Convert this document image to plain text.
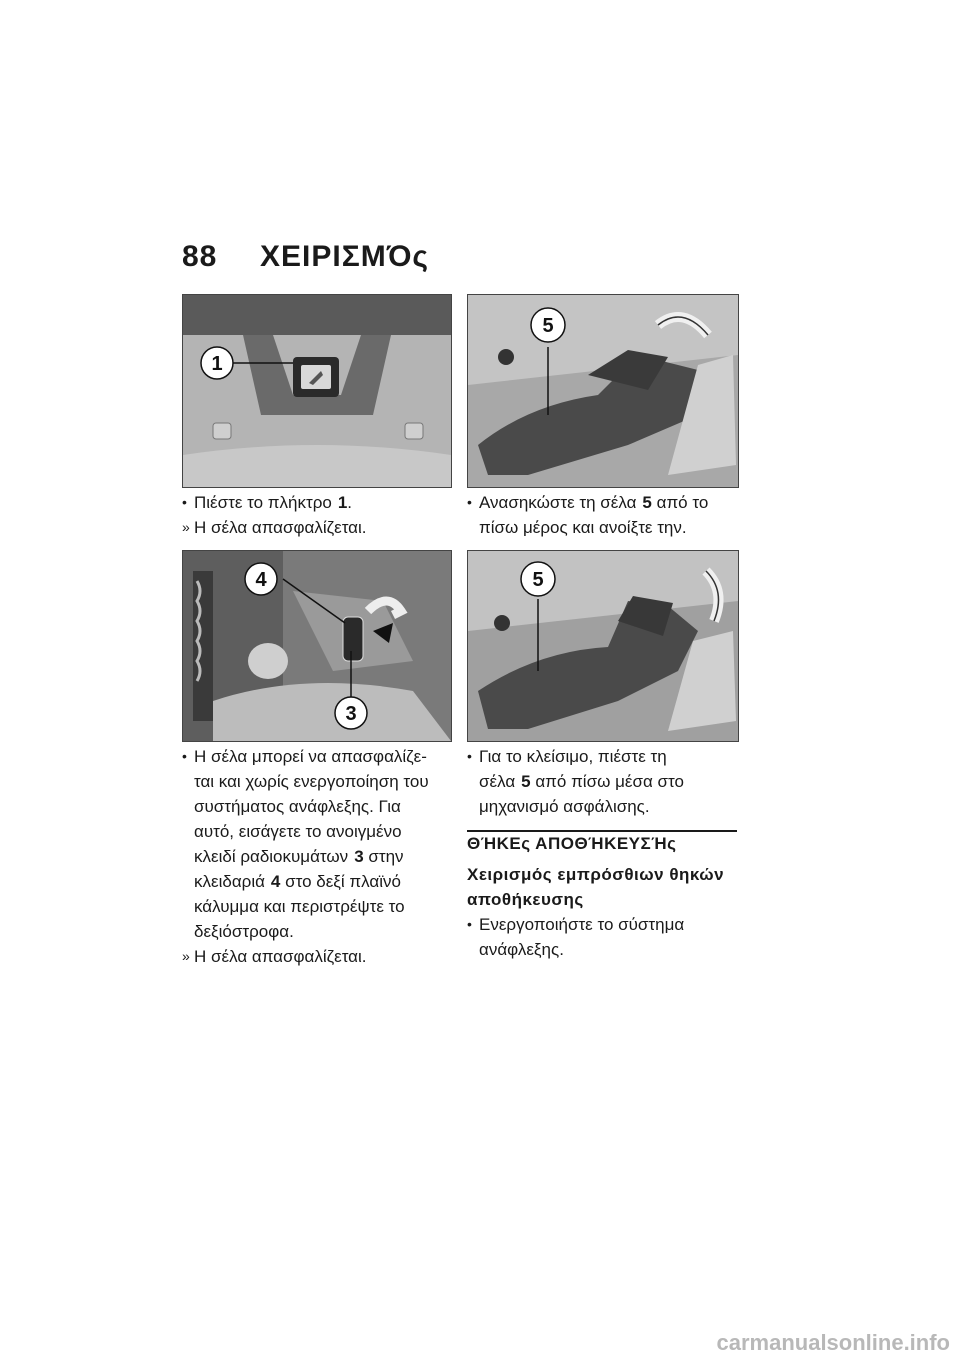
88	ΧΕΙΡΙΣΜΌς
1
5
4
3
5
• Πιέστε το πλήκτρο 1.
» Η σέλα απασφαλίζεται.
• Η σέλα μπορεί να απασφαλίζε-
ται και χωρίς ενεργοποίηση του
συστήματος ανάφλεξης. Για
αυτό, εισάγετε το ανοιγμένο
κλειδί ραδιοκυμάτων 3 στην
κλειδαριά 4 στο δεξί πλαϊνό
κάλυμμα και περιστρέψτε το
δεξιόστροφα.
» Η σέλα απασφαλίζεται.
• Ανασηκώστε τη σέλα 5 από το
πίσω μέρος και ανοίξτε την.
• Για το κλείσιμο, πιέστε τη
σέλα 5 από πίσω μέσα στο
μηχανισμό ασφάλισης.
ΘΉΚΕς ΑΠΟΘΉΚΕΥΣΉς
Χειρισμός εμπρόσθιων θηκών αποθήκευσης
• Ενεργοποιήστε το σύστημα
ανάφλεξης.
carmanualsonline.info
